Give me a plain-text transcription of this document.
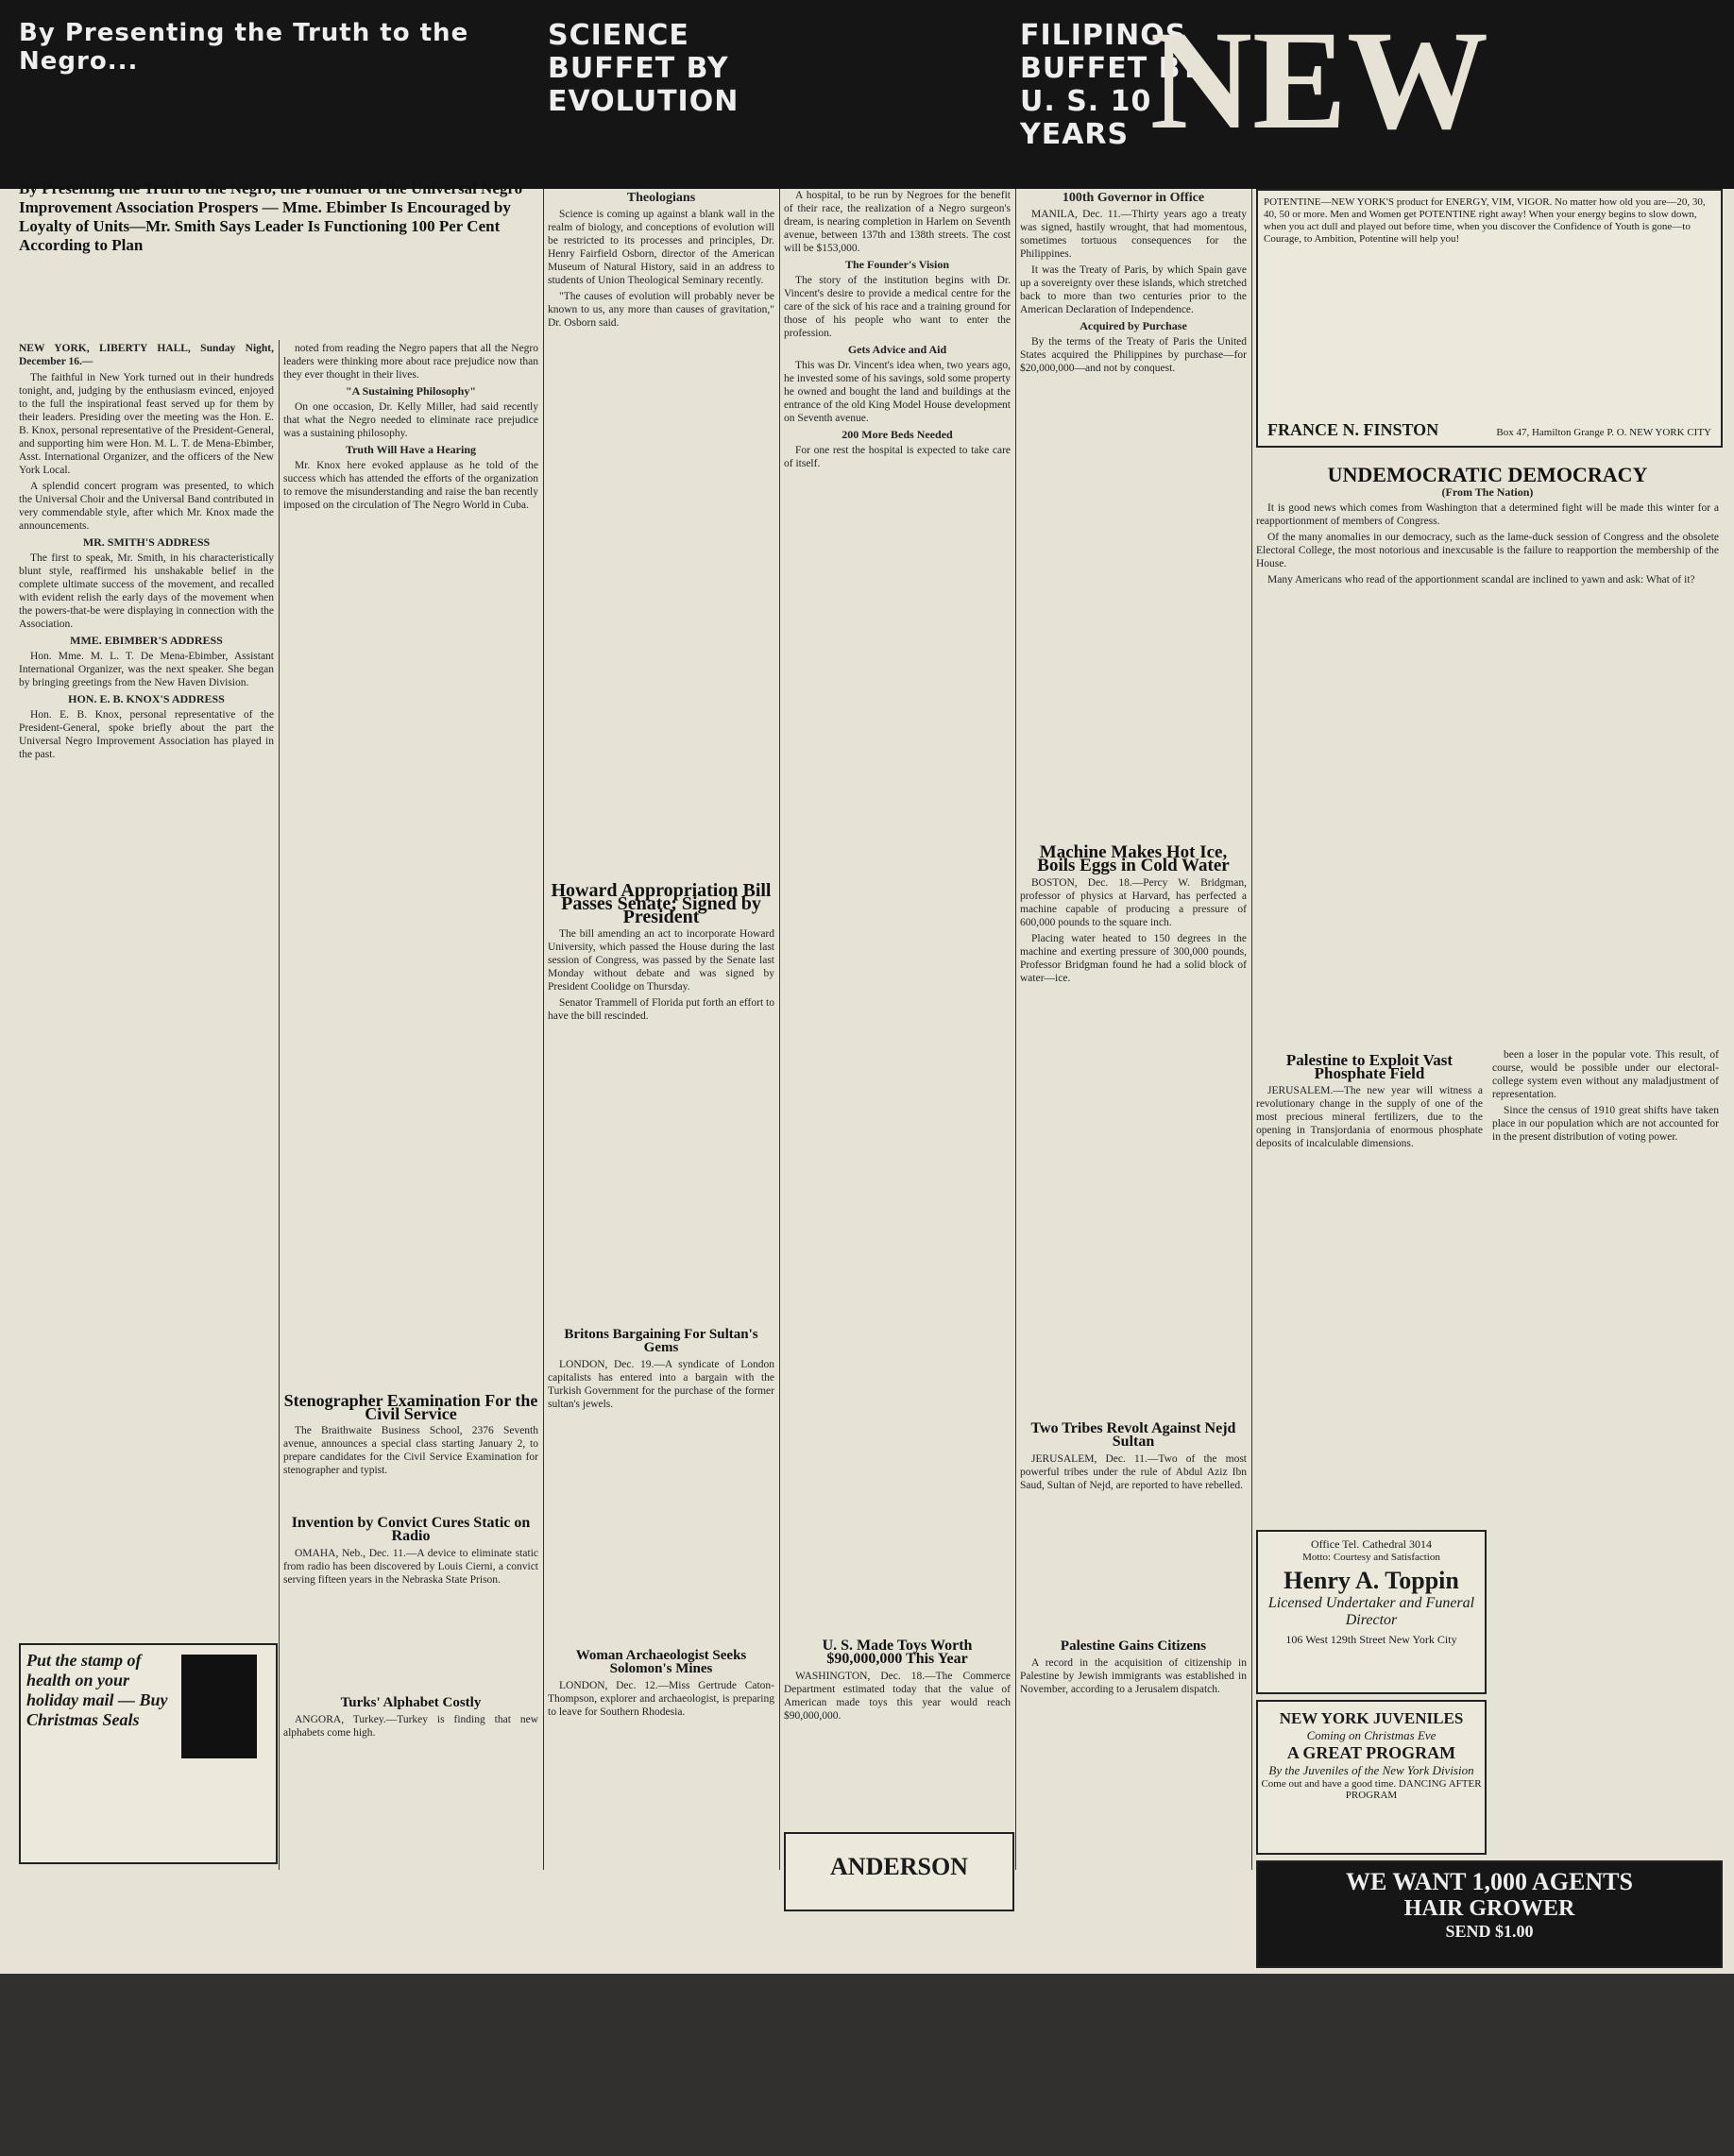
By Presenting the Truth to the Negro...
SCIENCE BUFFET BY EVOLUTION
FILIPINOS BUFFET BY U. S. 10 YEARS NEW
By Presenting the Truth to the Negro, the Founder of the Universal Negro Improvement Association Prospers — Mme. Ebimber Is Encouraged by Loyalty of Units—Mr. Smith Says Leader Is Functioning 100 Per Cent According to Plan

NEW YORK, LIBERTY HALL, Sunday Night, December 16.—

The faithful in New York turned out in their hundreds tonight, and, judging by the enthusiasm evinced, enjoyed to the full the inspirational feast served up for them by their leaders. Presiding over the meeting was the Hon. E. B. Knox, personal representative of the President-General, and supporting him were Hon. M. L. T. de Mena-Ebimber, Asst. International Organizer, and the officers of the New York Local.

A splendid concert program was presented, to which the Universal Choir and the Universal Band contributed in very commendable style, after which Mr. Knox made the announcements.

MR. SMITH'S ADDRESS

The first to speak, Mr. Smith, in his characteristically blunt style, reaffirmed his unshakable belief in the complete ultimate success of the movement, and recalled with evident relish the early days of the movement when the powers-that-be were displaying in connection with the Association.

MME. EBIMBER'S ADDRESS

Hon. Mme. M. L. T. De Mena-Ebimber, Assistant International Organizer, was the next speaker. She began by bringing greetings from the New Haven Division.

HON. E. B. KNOX'S ADDRESS

Hon. E. B. Knox, personal representative of the President-General, spoke briefly about the part the Universal Negro Improvement Association has played in the past.

noted from reading the Negro papers that all the Negro leaders were thinking more about race prejudice now than they ever thought in their lives.

"A Sustaining Philosophy"

On one occasion, Dr. Kelly Miller, had said recently that what the Negro needed to eliminate race prejudice was a sustaining philosophy.

Truth Will Have a Hearing

Mr. Knox here evoked applause as he told of the success which has attended the efforts of the organization to remove the misunderstanding and raise the ban recently imposed on the circulation of The Negro World in Cuba.

Stenographer Examination For the Civil Service

The Braithwaite Business School, 2376 Seventh avenue, announces a special class starting January 2, to prepare candidates for the Civil Service Examination for stenographer and typist.

Invention by Convict Cures Static on Radio

OMAHA, Neb., Dec. 11.—A device to eliminate static from radio has been discovered by Louis Cierni, a convict serving fifteen years in the Nebraska State Prison.

Turks' Alphabet Costly

ANGORA, Turkey.—Turkey is finding that new alphabets come high.

Put the stamp of health on your holiday mail — Buy Christmas Seals
Theologians

Science is coming up against a blank wall in the realm of biology, and conceptions of evolution will be restricted to its processes and principles, Dr. Henry Fairfield Osborn, director of the American Museum of Natural History, said in an address to students of Union Theological Seminary recently.

"The causes of evolution will probably never be known to us, any more than causes of gravitation," Dr. Osborn said.

Howard Appropriation Bill Passes Senate; Signed by President

The bill amending an act to incorporate Howard University, which passed the House during the last session of Congress, was passed by the Senate last Monday without debate and was signed by President Coolidge on Thursday.

Senator Trammell of Florida put forth an effort to have the bill rescinded.

Britons Bargaining For Sultan's Gems

LONDON, Dec. 19.—A syndicate of London capitalists has entered into a bargain with the Turkish Government for the purchase of the former sultan's jewels.

Woman Archaeologist Seeks Solomon's Mines

LONDON, Dec. 12.—Miss Gertrude Caton-Thompson, explorer and archaeologist, is preparing to leave for Southern Rhodesia.

A hospital, to be run by Negroes for the benefit of their race, the realization of a Negro surgeon's dream, is nearing completion in Harlem on Seventh avenue, between 137th and 138th streets. The cost will be $153,000.

The Founder's Vision

The story of the institution begins with Dr. Vincent's desire to provide a medical centre for the care of the sick of his race and a training ground for those of his people who want to enter the profession.

Gets Advice and Aid

This was Dr. Vincent's idea when, two years ago, he invested some of his savings, sold some property he owned and bought the land and buildings at the entrance of the old King Model House development on Seventh avenue.

200 More Beds Needed

For one rest the hospital is expected to take care of itself.

U. S. Made Toys Worth $90,000,000 This Year

WASHINGTON, Dec. 18.—The Commerce Department estimated today that the value of American made toys this year would reach $90,000,000.

ANDERSON
100th Governor in Office

MANILA, Dec. 11.—Thirty years ago a treaty was signed, hastily wrought, that had momentous, sometimes tortuous consequences for the Philippines.

It was the Treaty of Paris, by which Spain gave up a sovereignty over these islands, which stretched back to more than two centuries prior to the American Declaration of Independence.

Acquired by Purchase

By the terms of the Treaty of Paris the United States acquired the Philippines by purchase—for $20,000,000—and not by conquest.

Machine Makes Hot Ice, Boils Eggs in Cold Water

BOSTON, Dec. 18.—Percy W. Bridgman, professor of physics at Harvard, has perfected a machine capable of producing a pressure of 600,000 pounds to the square inch.

Placing water heated to 150 degrees in the machine and exerting pressure of 300,000 pounds, Professor Bridgman found he had a solid block of water—ice.

Two Tribes Revolt Against Nejd Sultan

JERUSALEM, Dec. 11.—Two of the most powerful tribes under the rule of Abdul Aziz Ibn Saud, Sultan of Nejd, are reported to have rebelled.

Palestine Gains Citizens

A record in the acquisition of citizenship in Palestine by Jewish immigrants was established in November, according to a Jerusalem dispatch.

POTENTINE—NEW YORK'S product for ENERGY, VIM, VIGOR. No matter how old you are—20, 30, 40, 50 or more. Men and Women get POTENTINE right away! When your energy begins to slow down, when you act dull and played out before time, when you discover the Confidence of Youth is gone—to Courage, to Ambition, Potentine will help you!
FRANCE N. FINSTON	Box 47, Hamilton Grange P. O. NEW YORK CITY
UNDEMOCRATIC DEMOCRACY
(From The Nation)

It is good news which comes from Washington that a determined fight will be made this winter for a reapportionment of members of Congress.

Of the many anomalies in our democracy, such as the lame-duck session of Congress and the obsolete Electoral College, the most notorious and inexcusable is the failure to reapportion the membership of the House.

Many Americans who read of the apportionment scandal are inclined to yawn and ask: What of it?

Palestine to Exploit Vast Phosphate Field

JERUSALEM.—The new year will witness a revolutionary change in the supply of one of the most precious mineral fertilizers, due to the opening in Transjordania of enormous phosphate deposits of incalculable dimensions.

been a loser in the popular vote. This result, of course, would be possible under our electoral-college system even without any maladjustment of representation.

Since the census of 1910 great shifts have taken place in our population which are not accounted for in the present distribution of voting power.

Office Tel. Cathedral 3014
Motto: Courtesy and Satisfaction
Henry A. Toppin
Licensed Undertaker and Funeral Director
106 West 129th Street New York City
NEW YORK JUVENILES
Coming on Christmas Eve
A GREAT PROGRAM
By the Juveniles of the New York Division
Come out and have a good time. DANCING AFTER PROGRAM
WE WANT 1,000 AGENTS
HAIR GROWER
SEND $1.00
